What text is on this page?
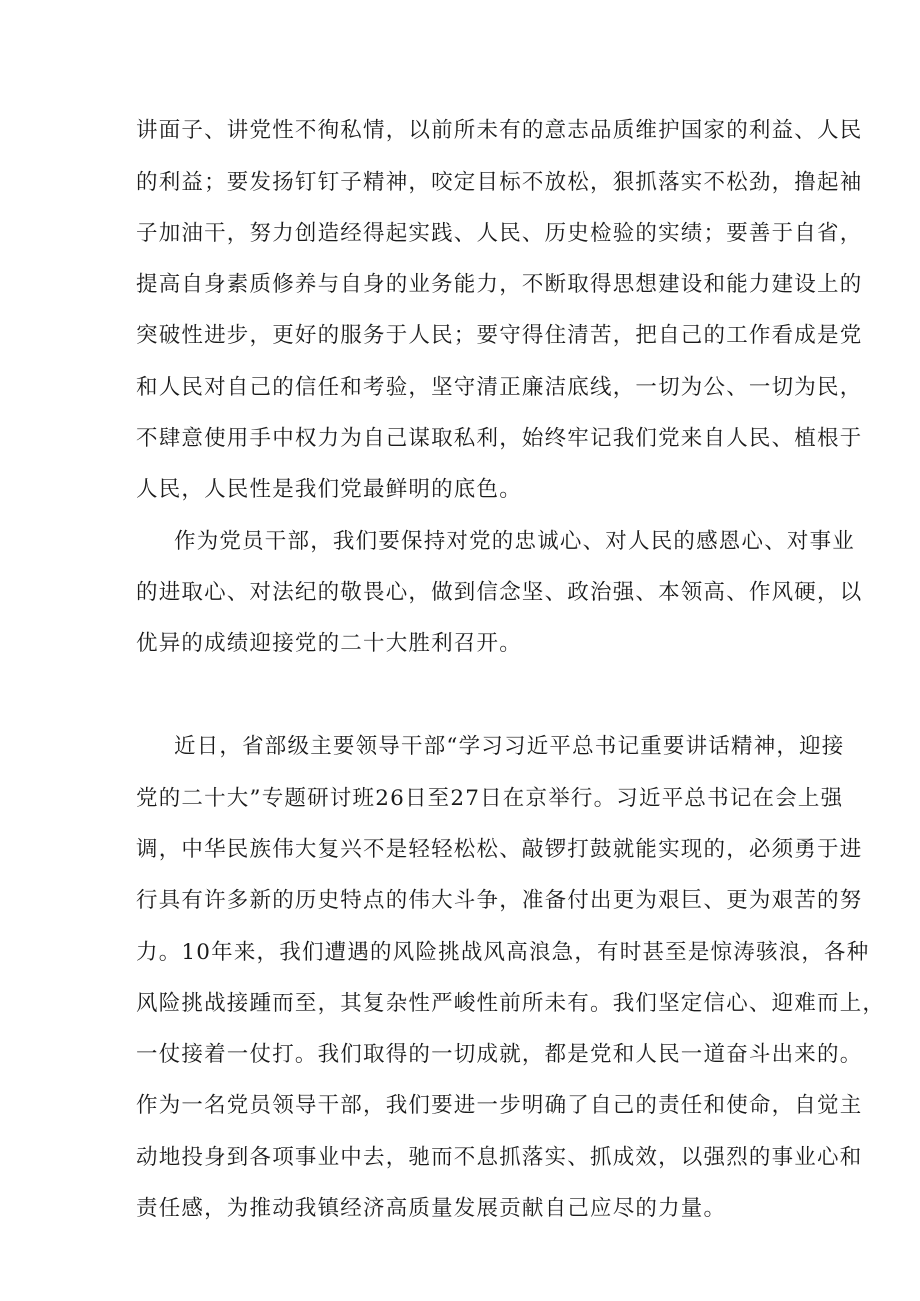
讲面子、讲党性不徇私情，以前所未有的意志品质维护国家的利益、人民
的利益；要发扬钉钉子精神，咬定目标不放松，狠抓落实不松劲，撸起袖
子加油干，努力创造经得起实践、人民、历史检验的实绩；要善于自省，
提高自身素质修养与自身的业务能力，不断取得思想建设和能力建设上的
突破性进步，更好的服务于人民；要守得住清苦，把自己的工作看成是党
和人民对自己的信任和考验，坚守清正廉洁底线，一切为公、一切为民，
不肆意使用手中权力为自己谋取私利，始终牢记我们党来自人民、植根于
人民，人民性是我们党最鲜明的底色。
作为党员干部，我们要保持对党的忠诚心、对人民的感恩心、对事业
的进取心、对法纪的敬畏心，做到信念坚、政治强、本领高、作风硬，以
优异的成绩迎接党的二十大胜利召开。
近日，省部级主要领导干部“学习习近平总书记重要讲话精神，迎接
党的二十大”专题研讨班26日至27日在京举行。习近平总书记在会上强
调，中华民族伟大复兴不是轻轻松松、敲锣打鼓就能实现的，必须勇于进
行具有许多新的历史特点的伟大斗争，准备付出更为艰巨、更为艰苦的努
力。10年来，我们遭遇的风险挑战风高浪急，有时甚至是惊涛骇浪，各种
风险挑战接踵而至，其复杂性严峻性前所未有。我们坚定信心、迎难而上，
一仗接着一仗打。我们取得的一切成就，都是党和人民一道奋斗出来的。
作为一名党员领导干部，我们要进一步明确了自己的责任和使命，自觉主
动地投身到各项事业中去，驰而不息抓落实、抓成效，以强烈的事业心和
责任感，为推动我镇经济高质量发展贡献自己应尽的力量。
